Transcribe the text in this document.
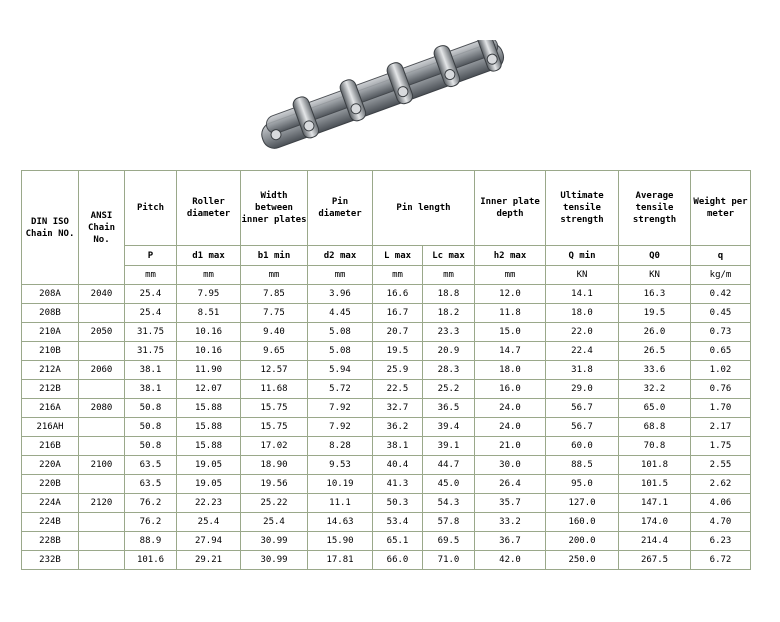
DIN ISO Chain NO.	ANSI Chain No.	Pitch	Roller diameter	Width between inner plates	Pin diameter	Pin length		Inner plate depth	Ultimate tensile strength	Average tensile strength	Weight per meter
		P	d1 max	b1 min	d2 max	L max	Lc max	h2 max	Q min	Q0	q
		mm	mm	mm	mm	mm	mm	mm	KN	KN	kg/m
208A	2040	25.4	7.95	7.85	3.96	16.6	18.8	12.0	14.1	16.3	0.42
208B		25.4	8.51	7.75	4.45	16.7	18.2	11.8	18.0	19.5	0.45
210A	2050	31.75	10.16	9.40	5.08	20.7	23.3	15.0	22.0	26.0	0.73
210B		31.75	10.16	9.65	5.08	19.5	20.9	14.7	22.4	26.5	0.65
212A	2060	38.1	11.90	12.57	5.94	25.9	28.3	18.0	31.8	33.6	1.02
212B		38.1	12.07	11.68	5.72	22.5	25.2	16.0	29.0	32.2	0.76
216A	2080	50.8	15.88	15.75	7.92	32.7	36.5	24.0	56.7	65.0	1.70
216AH		50.8	15.88	15.75	7.92	36.2	39.4	24.0	56.7	68.8	2.17
216B		50.8	15.88	17.02	8.28	38.1	39.1	21.0	60.0	70.8	1.75
220A	2100	63.5	19.05	18.90	9.53	40.4	44.7	30.0	88.5	101.8	2.55
220B		63.5	19.05	19.56	10.19	41.3	45.0	26.4	95.0	101.5	2.62
224A	2120	76.2	22.23	25.22	11.1	50.3	54.3	35.7	127.0	147.1	4.06
224B		76.2	25.4	25.4	14.63	53.4	57.8	33.2	160.0	174.0	4.70
228B		88.9	27.94	30.99	15.90	65.1	69.5	36.7	200.0	214.4	6.23
232B		101.6	29.21	30.99	17.81	66.0	71.0	42.0	250.0	267.5	6.72
